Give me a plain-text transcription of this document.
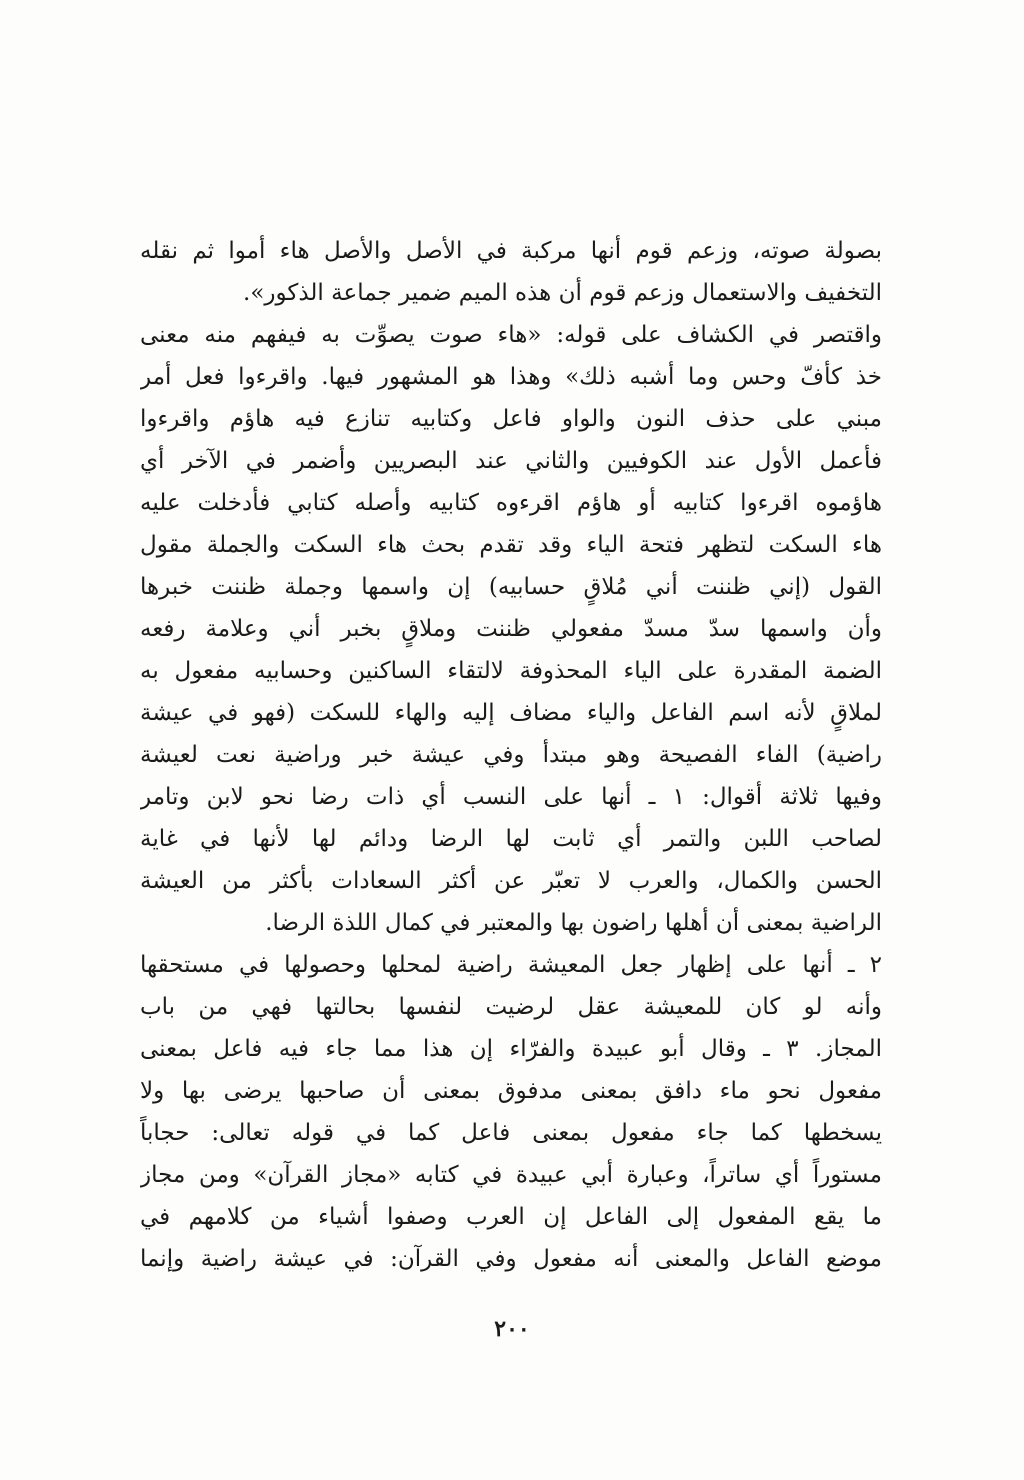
بصولة صوته، وزعم قوم أنها مركبة في الأصل والأصل هاء أموا ثم نقله
التخفيف والاستعمال وزعم قوم أن هذه الميم ضمير جماعة الذكور».
واقتصر في الكشاف على قوله: «هاء صوت يصوِّت به فيفهم منه معنى
خذ كأفّ وحس وما أشبه ذلك» وهذا هو المشهور فيها. واقرءوا فعل أمر
مبني على حذف النون والواو فاعل وكتابيه تنازع فيه هاؤم واقرءوا
فأعمل الأول عند الكوفيين والثاني عند البصريين وأضمر في الآخر أي
هاؤموه اقرءوا كتابيه أو هاؤم اقرءوه كتابيه وأصله كتابي فأدخلت عليه
هاء السكت لتظهر فتحة الياء وقد تقدم بحث هاء السكت والجملة مقول
القول (إني ظننت أني مُلاقٍ حسابيه) إن واسمها وجملة ظننت خبرها
وأن واسمها سدّ مسدّ مفعولي ظننت وملاقٍ بخبر أني وعلامة رفعه
الضمة المقدرة على الياء المحذوفة لالتقاء الساكنين وحسابيه مفعول به
لملاقٍ لأنه اسم الفاعل والياء مضاف إليه والهاء للسكت (فهو في عيشة
راضية) الفاء الفصيحة وهو مبتدأ وفي عيشة خبر وراضية نعت لعيشة
وفيها ثلاثة أقوال: ١ ـ أنها على النسب أي ذات رضا نحو لابن وتامر
لصاحب اللبن والتمر أي ثابت لها الرضا ودائم لها لأنها في غاية
الحسن والكمال، والعرب لا تعبّر عن أكثر السعادات بأكثر من العيشة
الراضية بمعنى أن أهلها راضون بها والمعتبر في كمال اللذة الرضا.
٢ ـ أنها على إظهار جعل المعيشة راضية لمحلها وحصولها في مستحقها
وأنه لو كان للمعيشة عقل لرضيت لنفسها بحالتها فهي من باب
المجاز. ٣ ـ وقال أبو عبيدة والفرّاء إن هذا مما جاء فيه فاعل بمعنى
مفعول نحو ماء دافق بمعنى مدفوق بمعنى أن صاحبها يرضى بها ولا
يسخطها كما جاء مفعول بمعنى فاعل كما في قوله تعالى: حجاباً
مستوراً أي ساتراً، وعبارة أبي عبيدة في كتابه «مجاز القرآن» ومن مجاز
ما يقع المفعول إلى الفاعل إن العرب وصفوا أشياء من كلامهم في
موضع الفاعل والمعنى أنه مفعول وفي القرآن: في عيشة راضية وإنما
٢٠٠
